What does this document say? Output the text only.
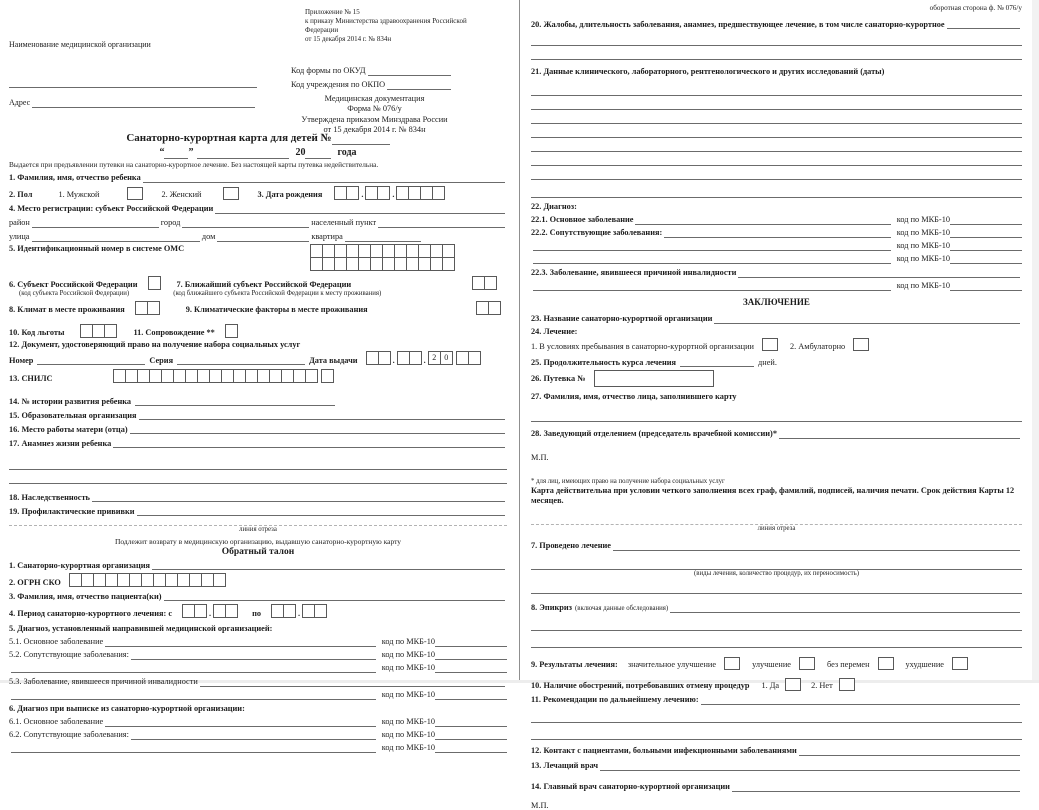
Наименование медицинской организации
Адрес
Приложение № 15
к приказу Министерства здравоохранения Российской
Федерации
от 15 декабря 2014 г. № 834н
Код формы по ОКУД
Код учреждения по ОКПО
Медицинская документация
Форма № 076/у
Утверждена приказом Минздрава России
от 15 декабря 2014 г. № 834н
Санаторно-курортная карта для детей №
“ ”	20	года
Выдается при предъявлении путевки на санаторно-курортное лечение. Без настоящей карты путевка недействительна.
1. Фамилия, имя, отчество ребенка
2. Пол	1. Мужской	2. Женский	3. Дата рождения	.	.
4. Место регистрации: субъект Российской Федерации
район	город	населенный пункт
улица	дом	квартира
5. Идентификационный номер в системе ОМС
6. Субъект Российской Федерации	7. Ближайший субъект Российской Федерации
(код субъекта Российской Федерации)	(код ближайшего субъекта Российской Федерации к месту проживания)
8. Климат в месте проживания	9. Климатические факторы в месте проживания
10. Код льготы	11. Сопровождение **
12. Документ, удостоверяющий право на получение набора социальных услуг
Номер	Серия	Дата выдачи	.	. 2	0
13. СНИЛС
14. № истории развития ребенка
15. Образовательная организация
16. Место работы матери (отца)
17. Анамнез жизни ребенка
18. Наследственность
19. Профилактические прививки
линия отреза
Подлежит возврату в медицинскую организацию, выдавшую санаторно-курортную карту
Обратный талон
1. Санаторно-курортная организация
2. ОГРН СКО
3. Фамилия, имя, отчество пациента(ки)
4. Период санаторно-курортного лечения: с	.	по	.
5. Диагноз, установленный направившей медицинской организацией:
5.1. Основное заболевание	код по МКБ-10
5.2. Сопутствующие заболевания:	код по МКБ-10
код по МКБ-10
5.3. Заболевание, явившееся причиной инвалидности
код по МКБ-10
6. Диагноз при выписке из санаторно-курортной организации:
6.1. Основное заболевание	код по МКБ-10
6.2. Сопутствующие заболевания:	код по МКБ-10
код по МКБ-10
оборотная сторона ф. № 076/у
20. Жалобы, длительность заболевания, анамнез, предшествующее лечение, в том числе санаторно-курортное
21. Данные клинического, лабораторного, рентгенологического и других исследований (даты)
22. Диагноз:
22.1. Основное заболевание	код по МКБ-10
22.2. Сопутствующие заболевания:	код по МКБ-10
код по МКБ-10
код по МКБ-10
22.3. Заболевание, явившееся причиной инвалидности
код по МКБ-10
ЗАКЛЮЧЕНИЕ
23. Название санаторно-курортной организации
24. Лечение:
1. В условиях пребывания в санаторно-курортной организации	2. Амбулаторно
25. Продолжительность курса лечения	дней.
26. Путевка №
27. Фамилия, имя, отчество лица, заполнившего карту
28. Заведующий отделением (председатель врачебной комиссии)*
М.П.
* для лиц, имеющих право на получение набора социальных услуг
Карта действительна при условии четкого заполнения всех граф, фамилий, подписей, наличия печати. Срок действия Карты 12 месяцев.
линия отреза
7. Проведено лечение
(виды лечения, количество процедур, их переносимость)
8. Эпикриз (включая данные обследования)
9. Результаты лечения: значительное улучшение	улучшение	без перемен	ухудшение
10. Наличие обострений, потребовавших отмену процедур 1. Да	2. Нет
11. Рекомендации по дальнейшему лечению:
12. Контакт с пациентами, больными инфекционными заболеваниями
13. Лечащий врач
14. Главный врач санаторно-курортной организации
М.П.
